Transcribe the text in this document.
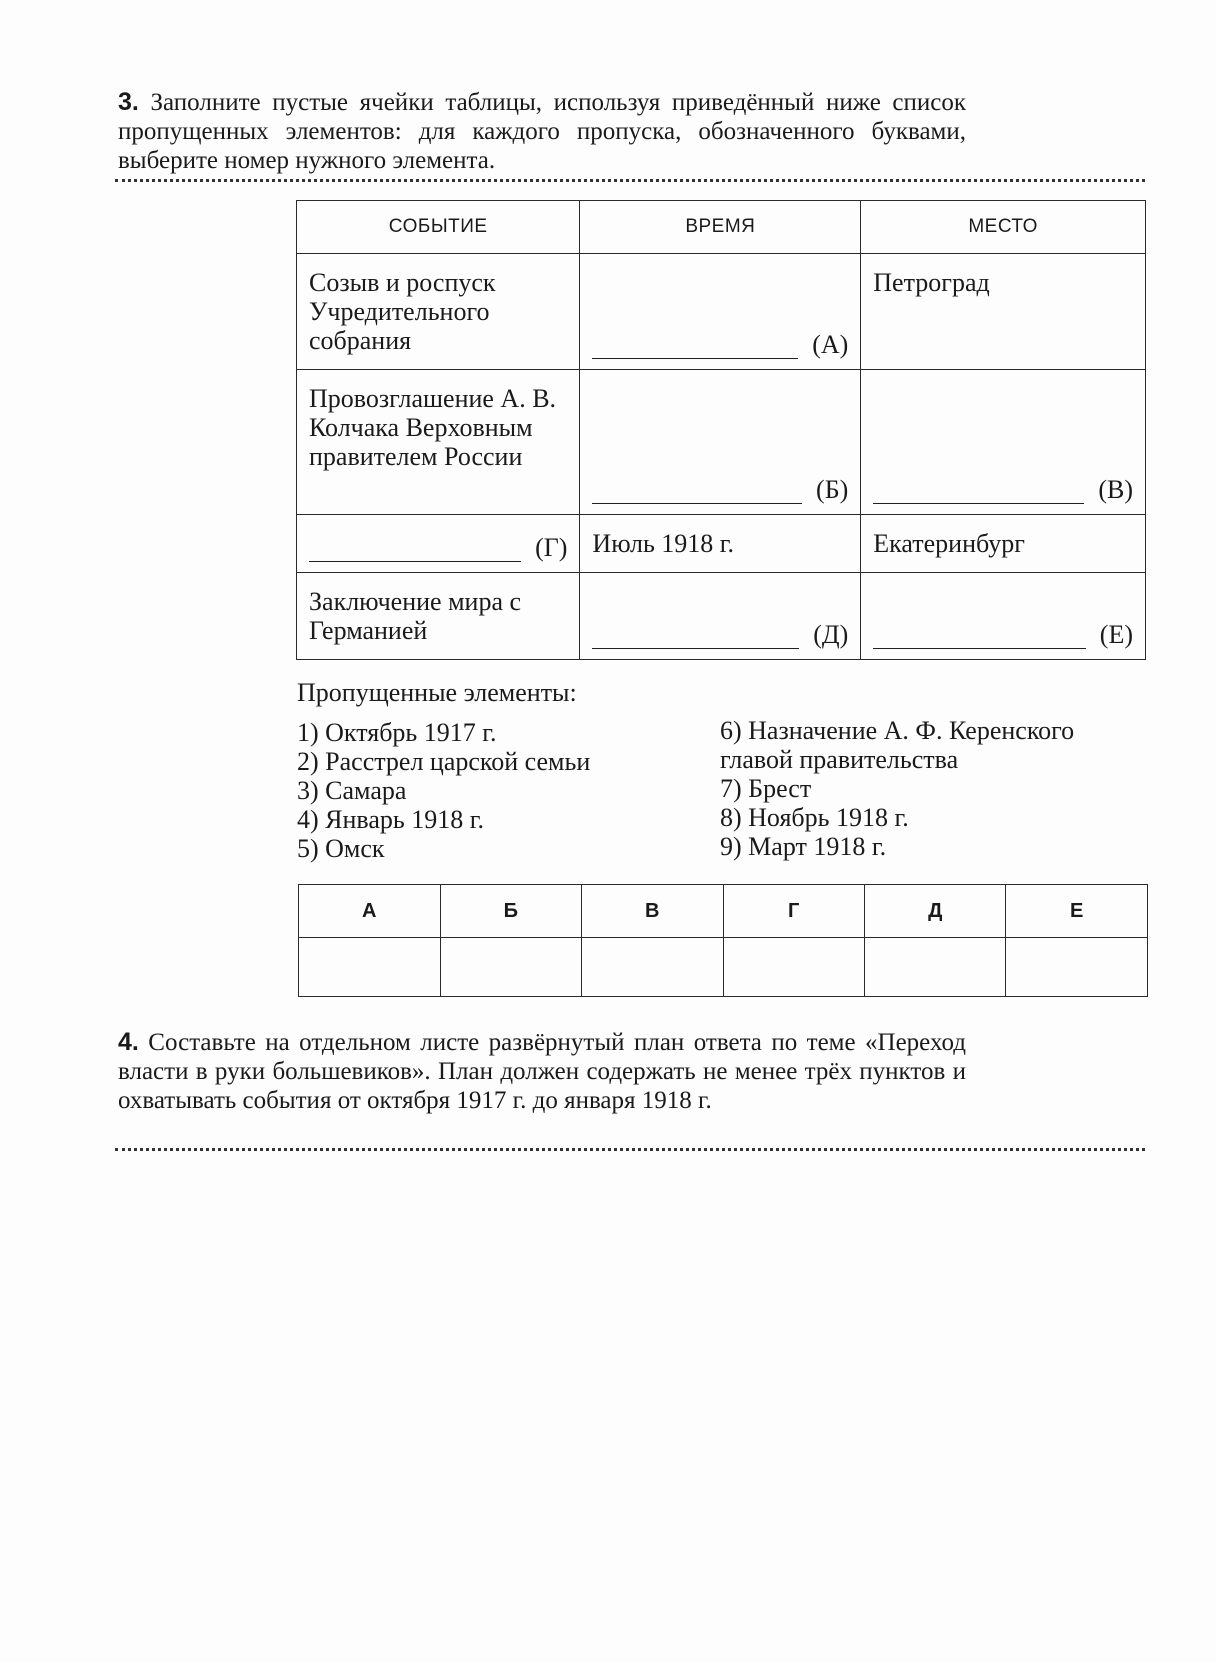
3. Заполните пустые ячейки таблицы, используя приведённый ниже список пропущенных элементов: для каждого пропуска, обозначенного буквами, выберите номер нужного элемента.
СОБЫТИЕ	ВРЕМЯ	МЕСТО
Созыв и роспуск Учредительного собрания	(А)	Петроград
Провозглашение А. В. Колчака Верховным правителем России	(Б)	(В)

(Г)	Июль 1918 г.	Екатеринбург
Заключение мира с Германией	(Д)	(Е)
Пропущенные элементы:
1) Октябрь 1917 г.
2) Расстрел царской семьи
3) Самара
4) Январь 1918 г.
5) Омск
6) Назначение А. Ф. Керенского
главой правительства
7) Брест
8) Ноябрь 1918 г.
9) Март 1918 г.
А	Б	В	Г	Д	Е

4. Составьте на отдельном листе развёрнутый план ответа по теме «Переход власти в руки большевиков». План должен содержать не менее трёх пунктов и охватывать события от октября 1917 г. до января 1918 г.
